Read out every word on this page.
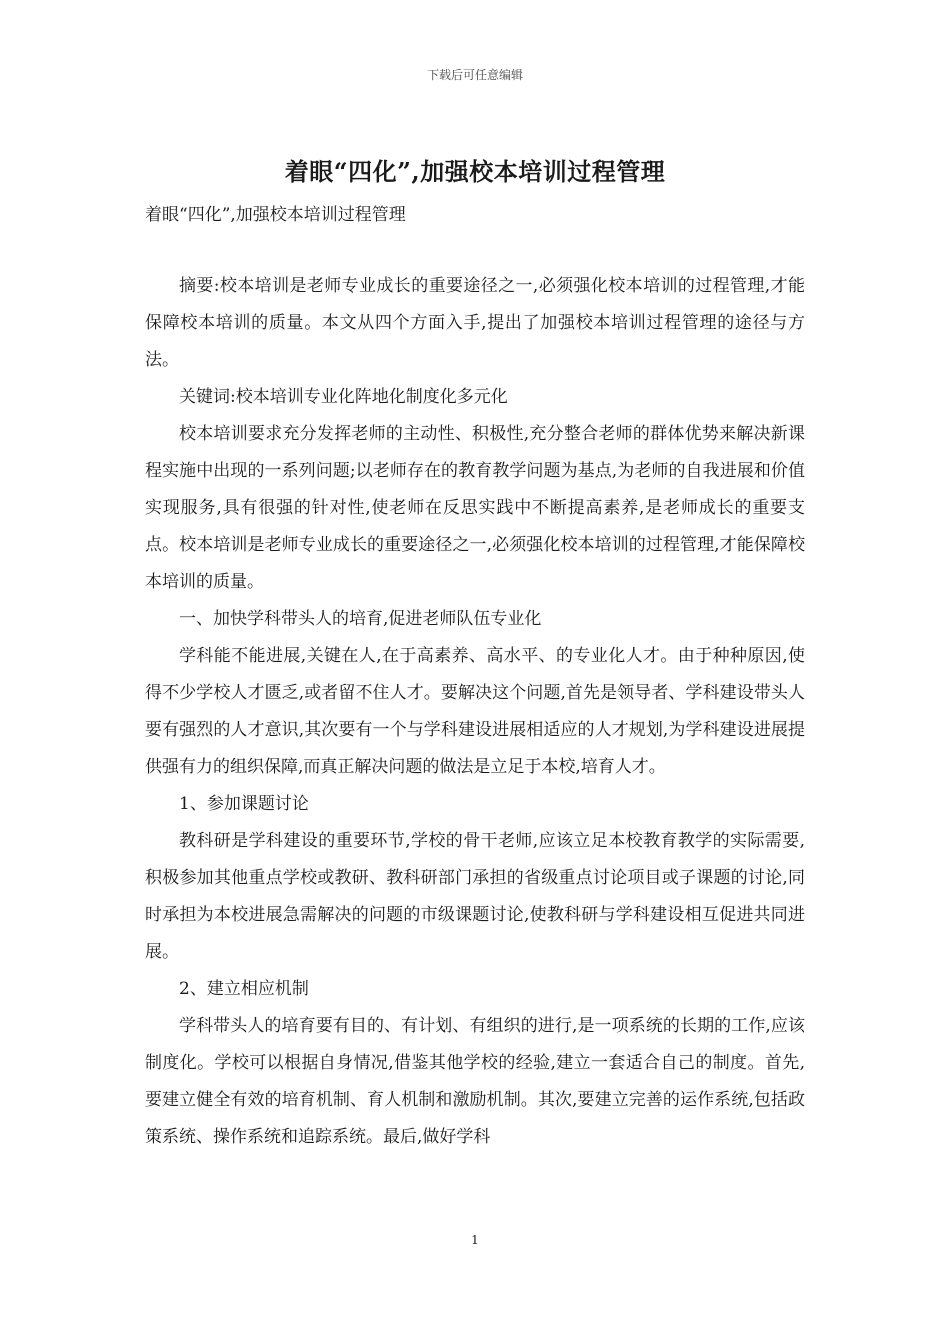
下载后可任意编辑
着眼“四化”,加强校本培训过程管理
着眼“四化”,加强校本培训过程管理

摘要:校本培训是老师专业成长的重要途径之一,必须强化校本培训的过程管理,才能保障校本培训的质量。本文从四个方面入手,提出了加强校本培训过程管理的途径与方法。

关键词:校本培训专业化阵地化制度化多元化

校本培训要求充分发挥老师的主动性、积极性,充分整合老师的群体优势来解决新课程实施中出现的一系列问题;以老师存在的教育教学问题为基点,为老师的自我进展和价值实现服务,具有很强的针对性,使老师在反思实践中不断提高素养,是老师成长的重要支点。校本培训是老师专业成长的重要途径之一,必须强化校本培训的过程管理,才能保障校本培训的质量。

一、加快学科带头人的培育,促进老师队伍专业化

学科能不能进展,关键在人,在于高素养、高水平、的专业化人才。由于种种原因,使得不少学校人才匮乏,或者留不住人才。要解决这个问题,首先是领导者、学科建设带头人要有强烈的人才意识,其次要有一个与学科建设进展相适应的人才规划,为学科建设进展提供强有力的组织保障,而真正解决问题的做法是立足于本校,培育人才。

1、参加课题讨论

教科研是学科建设的重要环节,学校的骨干老师,应该立足本校教育教学的实际需要,积极参加其他重点学校或教研、教科研部门承担的省级重点讨论项目或子课题的讨论,同时承担为本校进展急需解决的问题的市级课题讨论,使教科研与学科建设相互促进共同进展。

2、建立相应机制

学科带头人的培育要有目的、有计划、有组织的进行,是一项系统的长期的工作,应该制度化。学校可以根据自身情况,借鉴其他学校的经验,建立一套适合自己的制度。首先,要建立健全有效的培育机制、育人机制和激励机制。其次,要建立完善的运作系统,包括政策系统、操作系统和追踪系统。最后,做好学科

1
